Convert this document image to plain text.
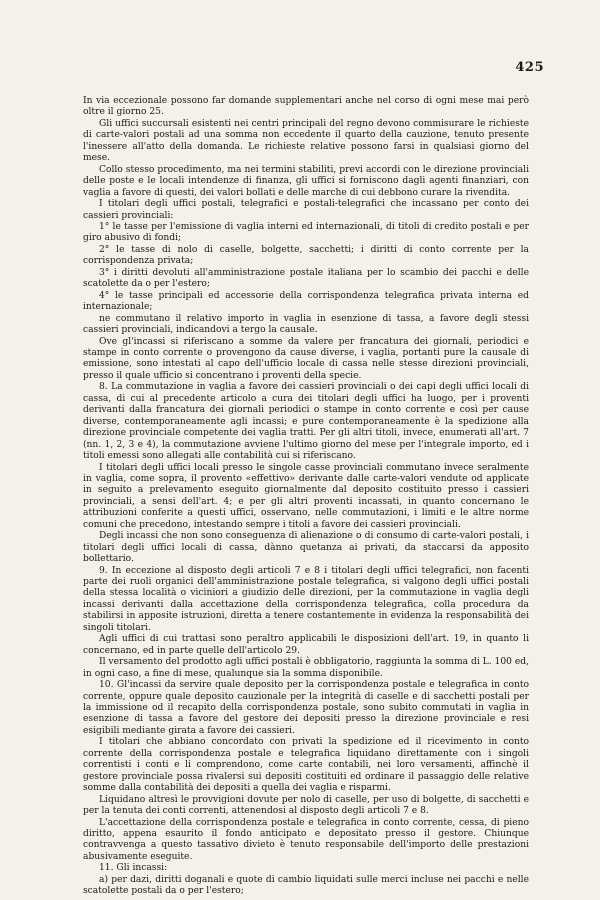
425

In via eccezionale possono far domande supplementari anche nel corso di ogni mese mai però oltre il giorno 25.

Gli uffici succursali esistenti nei centri principali del regno devono commisurare le richieste di carte-valori postali ad una somma non eccedente il quarto della cauzione, tenuto presente l'inessere all'atto della domanda. Le richieste relative possono farsi in qualsiasi giorno del mese.

Collo stesso procedimento, ma nei termini stabiliti, previ accordi con le direzione provinciali delle poste e le locali intendenze di finanza, gli uffici si forniscono dagli agenti finanziari, con vaglia a favore di questi, dei valori bollati e delle marche di cui debbono curare la rivendita.

I titolari degli uffici postali, telegrafici e postali-telegrafici che incassano per conto dei cassieri provinciali:

1° le tasse per l'emissione di vaglia interni ed internazionali, di titoli di credito postali e per giro abusivo di fondi;

2° le tasse di nolo di caselle, bolgette, sacchetti; i diritti di conto corrente per la corrispondenza privata;

3° i diritti devoluti all'amministrazione postale italiana per lo scambio dei pacchi e delle scatolette da o per l'estero;

4° le tasse principali ed accessorie della corrispondenza telegrafica privata interna ed internazionale;

ne commutano il relativo importo in vaglia in esenzione di tassa, a favore degli stessi cassieri provinciali, indicandovi a tergo la causale.

Ove gl'incassi si riferiscano a somme da valere per francatura dei giornali, periodici e stampe in conto corrente o provengono da cause diverse, i vaglia, portanti pure la causale di emissione, sono intestati al capo dell'ufficio locale di cassa nelle stesse direzioni provinciali, presso il quale ufficio si concentrano i proventi della specie.

8. La commutazione in vaglia a favore dei cassieri provinciali o dei capi degli uffici locali di cassa, di cui al precedente articolo a cura dei titolari degli uffici ha luogo, per i proventi derivanti dalla francatura dei giornali periodici o stampe in conto corrente e così per cause diverse, contemporaneamente agli incassi; e pure contemporaneamente è la spedizione alla direzione provinciale competente dei vaglia tratti. Per gli altri titoli, invece, enumerati all'art. 7 (nn. 1, 2, 3 e 4), la commutazione avviene l'ultimo giorno del mese per l'integrale importo, ed i titoli emessi sono allegati alle contabilità cui si riferiscano.

I titolari degli uffici locali presso le singole casse provinciali commutano invece seralmente in vaglia, come sopra, il provento «effettivo» derivante dalle carte-valori vendute od applicate in seguito a prelevamento eseguito giornalmente dal deposito costituito presso i cassieri provinciali, a sensi dell'art. 4; e per gli altri proventi incassati, in quanto concernano le attribuzioni conferite a questi uffici, osservano, nelle commutazioni, i limiti e le altre norme comuni che precedono, intestando sempre i titoli a favore dei cassieri provinciali.

Degli incassi che non sono conseguenza di alienazione o di consumo di carte-valori postali, i titolari degli uffici locali di cassa, dànno quetanza ai privati, da staccarsi da apposito bollettario.

9. In eccezione al disposto degli articoli 7 e 8 i titolari degli uffici telegrafici, non facenti parte dei ruoli organici dell'amministrazione postale telegrafica, si valgono degli uffici postali della stessa località o viciniori a giudizio delle direzioni, per la commutazione in vaglia degli incassi derivanti dalla accettazione della corrispondenza telegrafica, colla procedura da stabilirsi in apposite istruzioni, diretta a tenere costantemente in evidenza la responsabilità dei singoli titolari.

Agli uffici di cui trattasi sono peraltro applicabili le disposizioni dell'art. 19, in quanto li concernano, ed in parte quelle dell'articolo 29.

Il versamento del prodotto agli uffici postali è obbligatorio, raggiunta la somma di L. 100 ed, in ogni caso, a fine di mese, qualunque sia la somma disponibile.

10. Gl'incassi da servire quale deposito per la corrispondenza postale e telegrafica in conto corrente, oppure quale deposito cauzionale per la integrità di caselle e di sacchetti postali per la immissione od il recapito della corrispondenza postale, sono subito commutati in vaglia in esenzione di tassa a favore del gestore dei depositi presso la direzione provinciale e resi esigibili mediante girata a favore dei cassieri.

I titolari che abbiano concordato con privati la spedizione ed il ricevimento in conto corrente della corrispondenza postale e telegrafica liquidano direttamente con i singoli correntisti i conti e li comprendono, come carte contabili, nei loro versamenti, affinchè il gestore provinciale possa rivalersi sui depositi costituiti ed ordinare il passaggio delle relative somme dalla contabilità dei depositi a quella dei vaglia e risparmi.

Liquidano altresì le provvigioni dovute per nolo di caselle, per uso di bolgette, di sacchetti e per la tenuta dei conti correnti, attenendosi al disposto degli articoli 7 e 8.

L'accettazione della corrispondenza postale e telegrafica in conto corrente, cessa, di pieno diritto, appena esaurito il fondo anticipato e depositato presso il gestore. Chiunque contravvenga a questo tassativo divieto è tenuto responsabile dell'importo delle prestazioni abusivamente eseguite.

11. Gli incassi:

a) per dazi, diritti doganali e quote di cambio liquidati sulle merci incluse nei pacchi e nelle scatolette postali da o per l'estero;
